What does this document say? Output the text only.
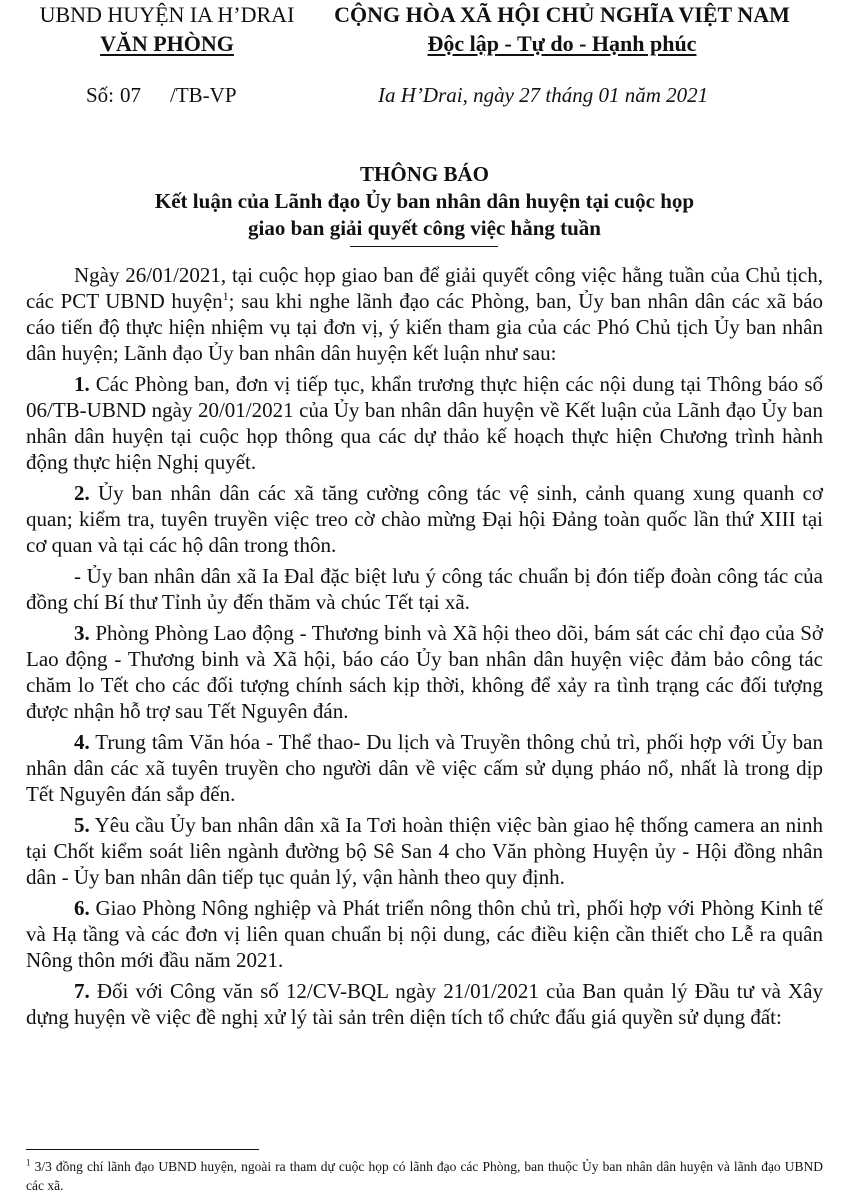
UBND HUYỆN IA H’DRAI
VĂN PHÒNG
CỘNG HÒA XÃ HỘI CHỦ NGHĨA VIỆT NAM
Độc lập - Tự do - Hạnh phúc
Số: 07 /TB-VP	Ia H’Drai, ngày 27 tháng 01 năm 2021
THÔNG BÁO
Kết luận của Lãnh đạo Ủy ban nhân dân huyện tại cuộc họp
giao ban giải quyết công việc hằng tuần

Ngày 26/01/2021, tại cuộc họp giao ban để giải quyết công việc hằng tuần của Chủ tịch, các PCT UBND huyện$^1$; sau khi nghe lãnh đạo các Phòng, ban, Ủy ban nhân dân các xã báo cáo tiến độ thực hiện nhiệm vụ tại đơn vị, ý kiến tham gia của các Phó Chủ tịch Ủy ban nhân dân huyện; Lãnh đạo Ủy ban nhân dân huyện kết luận như sau:

1. Các Phòng ban, đơn vị tiếp tục, khẩn trương thực hiện các nội dung tại Thông báo số 06/TB-UBND ngày 20/01/2021 của Ủy ban nhân dân huyện về Kết luận của Lãnh đạo Ủy ban nhân dân huyện tại cuộc họp thông qua các dự thảo kế hoạch thực hiện Chương trình hành động thực hiện Nghị quyết.

2. Ủy ban nhân dân các xã tăng cường công tác vệ sinh, cảnh quang xung quanh cơ quan; kiểm tra, tuyên truyền việc treo cờ chào mừng Đại hội Đảng toàn quốc lần thứ XIII tại cơ quan và tại các hộ dân trong thôn.

- Ủy ban nhân dân xã Ia Đal đặc biệt lưu ý công tác chuẩn bị đón tiếp đoàn công tác của đồng chí Bí thư Tỉnh ủy đến thăm và chúc Tết tại xã.

3. Phòng Phòng Lao động - Thương binh và Xã hội theo dõi, bám sát các chỉ đạo của Sở Lao động - Thương binh và Xã hội, báo cáo Ủy ban nhân dân huyện việc đảm bảo công tác chăm lo Tết cho các đối tượng chính sách kịp thời, không để xảy ra tình trạng các đối tượng được nhận hỗ trợ sau Tết Nguyên đán.

4. Trung tâm Văn hóa - Thể thao- Du lịch và Truyền thông chủ trì, phối hợp với Ủy ban nhân dân các xã tuyên truyền cho người dân về việc cấm sử dụng pháo nổ, nhất là trong dịp Tết Nguyên đán sắp đến.

5. Yêu cầu Ủy ban nhân dân xã Ia Tơi hoàn thiện việc bàn giao hệ thống camera an ninh tại Chốt kiểm soát liên ngành đường bộ Sê San 4 cho Văn phòng Huyện ủy - Hội đồng nhân dân - Ủy ban nhân dân tiếp tục quản lý, vận hành theo quy định.

6. Giao Phòng Nông nghiệp và Phát triển nông thôn chủ trì, phối hợp với Phòng Kinh tế và Hạ tầng và các đơn vị liên quan chuẩn bị nội dung, các điều kiện cần thiết cho Lễ ra quân Nông thôn mới đầu năm 2021.

7. Đối với Công văn số 12/CV-BQL ngày 21/01/2021 của Ban quản lý Đầu tư và Xây dựng huyện về việc đề nghị xử lý tài sản trên diện tích tổ chức đấu giá quyền sử dụng đất:

$^1$ 3/3 đồng chí lãnh đạo UBND huyện, ngoài ra tham dự cuộc họp có lãnh đạo các Phòng, ban thuộc Ủy ban nhân dân huyện và lãnh đạo UBND các xã.
